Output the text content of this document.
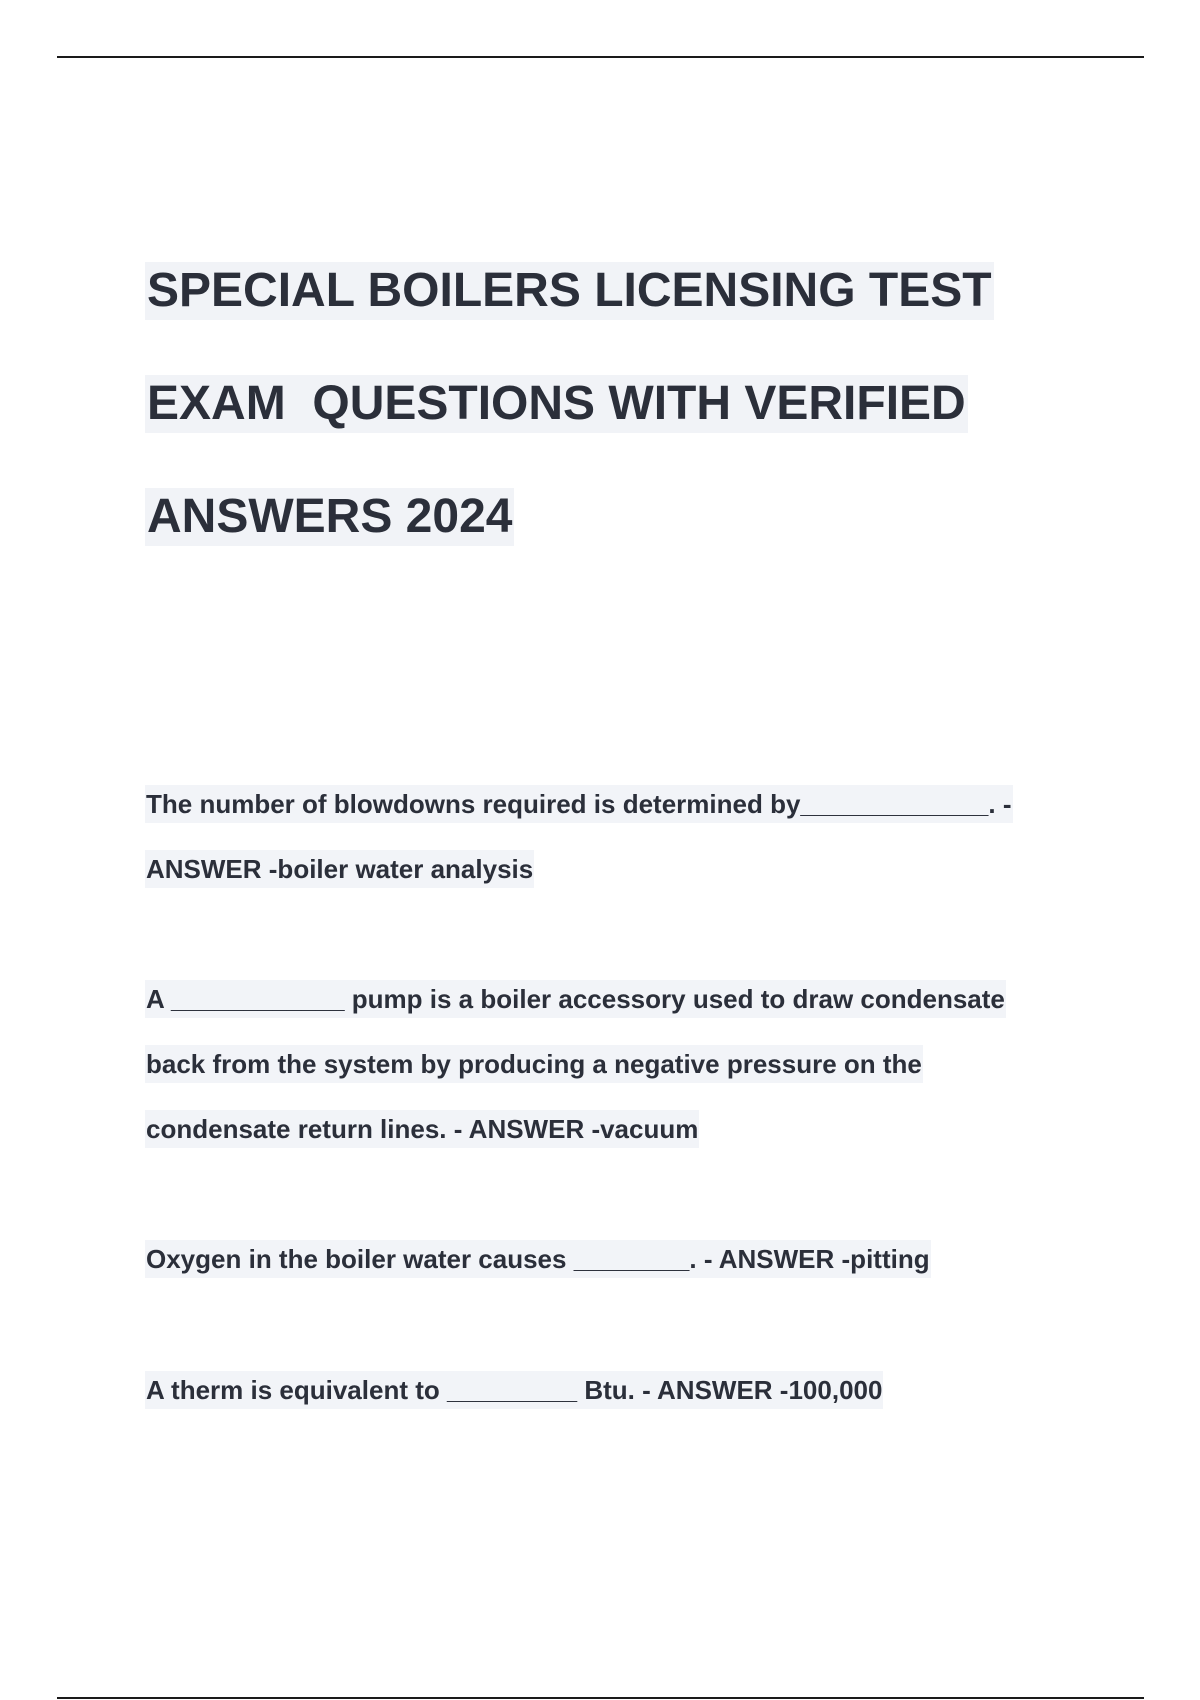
SPECIAL BOILERS LICENSING TEST
EXAM  QUESTIONS WITH VERIFIED
ANSWERS 2024
The number of blowdowns required is determined by_____________. -
ANSWER -boiler water analysis
A ____________ pump is a boiler accessory used to draw condensate
back from the system by producing a negative pressure on the
condensate return lines. - ANSWER -vacuum
Oxygen in the boiler water causes ________. - ANSWER -pitting
A therm is equivalent to _________ Btu. - ANSWER -100,000
